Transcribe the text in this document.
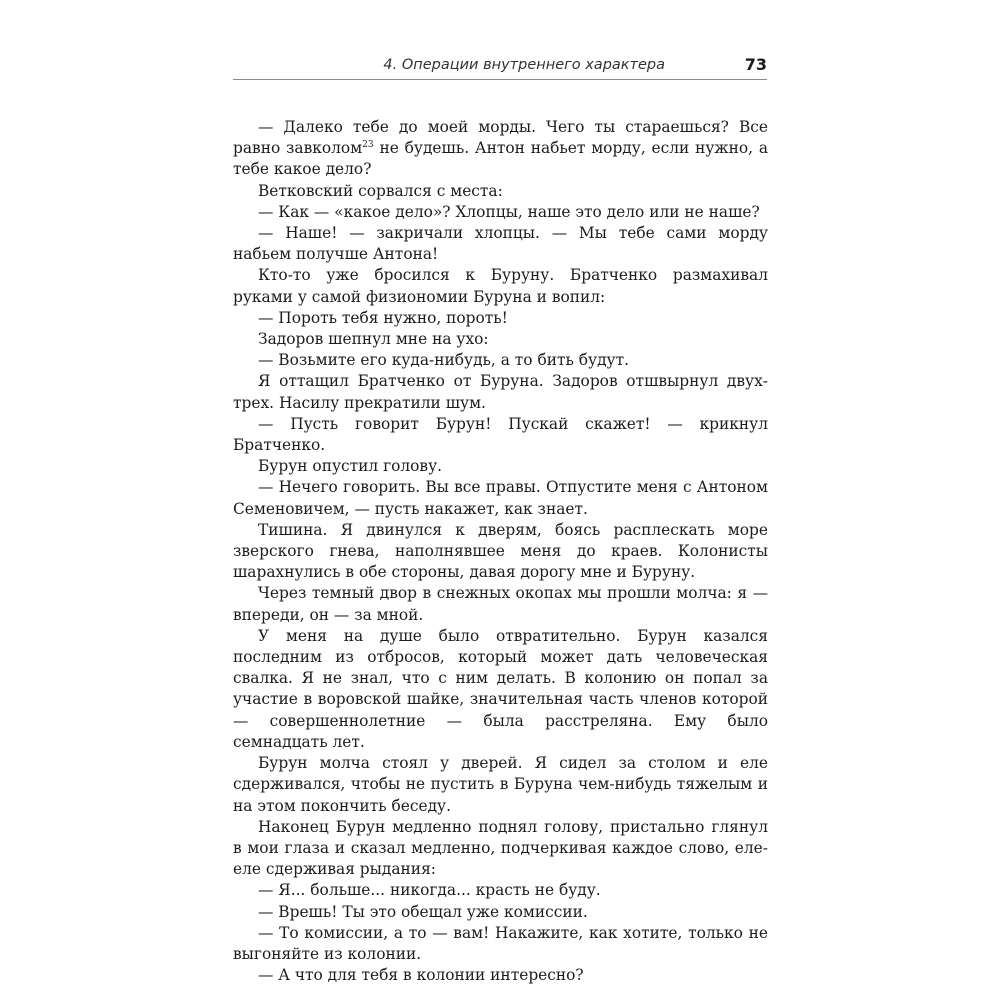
4. Операции внутреннего характера	73

— Далеко тебе до моей морды. Чего ты стараешься? Все равно завколом$^{23}$ не будешь. Антон набьет морду, если нужно, а тебе какое дело?

Ветковский сорвался с места:

— Как — «какое дело»? Хлопцы, наше это дело или не наше?

— Наше! — закричали хлопцы. — Мы тебе сами морду набьем получше Антона!

Кто-то уже бросился к Буруну. Братченко размахивал руками у самой физиономии Буруна и вопил:

— Пороть тебя нужно, пороть!

Задоров шепнул мне на ухо:

— Возьмите его куда-нибудь, а то бить будут.

Я оттащил Братченко от Буруна. Задоров отшвырнул двух-трех. Насилу прекратили шум.

— Пусть говорит Бурун! Пускай скажет! — крикнул Братченко.

Бурун опустил голову.

— Нечего говорить. Вы все правы. Отпустите меня с Антоном Семеновичем, — пусть накажет, как знает.

Тишина. Я двинулся к дверям, боясь расплескать море зверского гнева, наполнявшее меня до краев. Колонисты шарахнулись в обе стороны, давая дорогу мне и Буруну.

Через темный двор в снежных окопах мы прошли молча: я — впереди, он — за мной.

У меня на душе было отвратительно. Бурун казался последним из отбросов, который может дать человеческая свалка. Я не знал, что с ним делать. В колонию он попал за участие в воровской шайке, значительная часть членов которой — совершеннолетние — была расстреляна. Ему было семнадцать лет.

Бурун молча стоял у дверей. Я сидел за столом и еле сдерживался, чтобы не пустить в Буруна чем-нибудь тяжелым и на этом покончить беседу.

Наконец Бурун медленно поднял голову, пристально глянул в мои глаза и сказал медленно, подчеркивая каждое слово, еле-еле сдерживая рыдания:

— Я... больше... никогда... красть не буду.

— Врешь! Ты это обещал уже комиссии.

— То комиссии, а то — вам! Накажите, как хотите, только не выгоняйте из колонии.

— А что для тебя в колонии интересно?
